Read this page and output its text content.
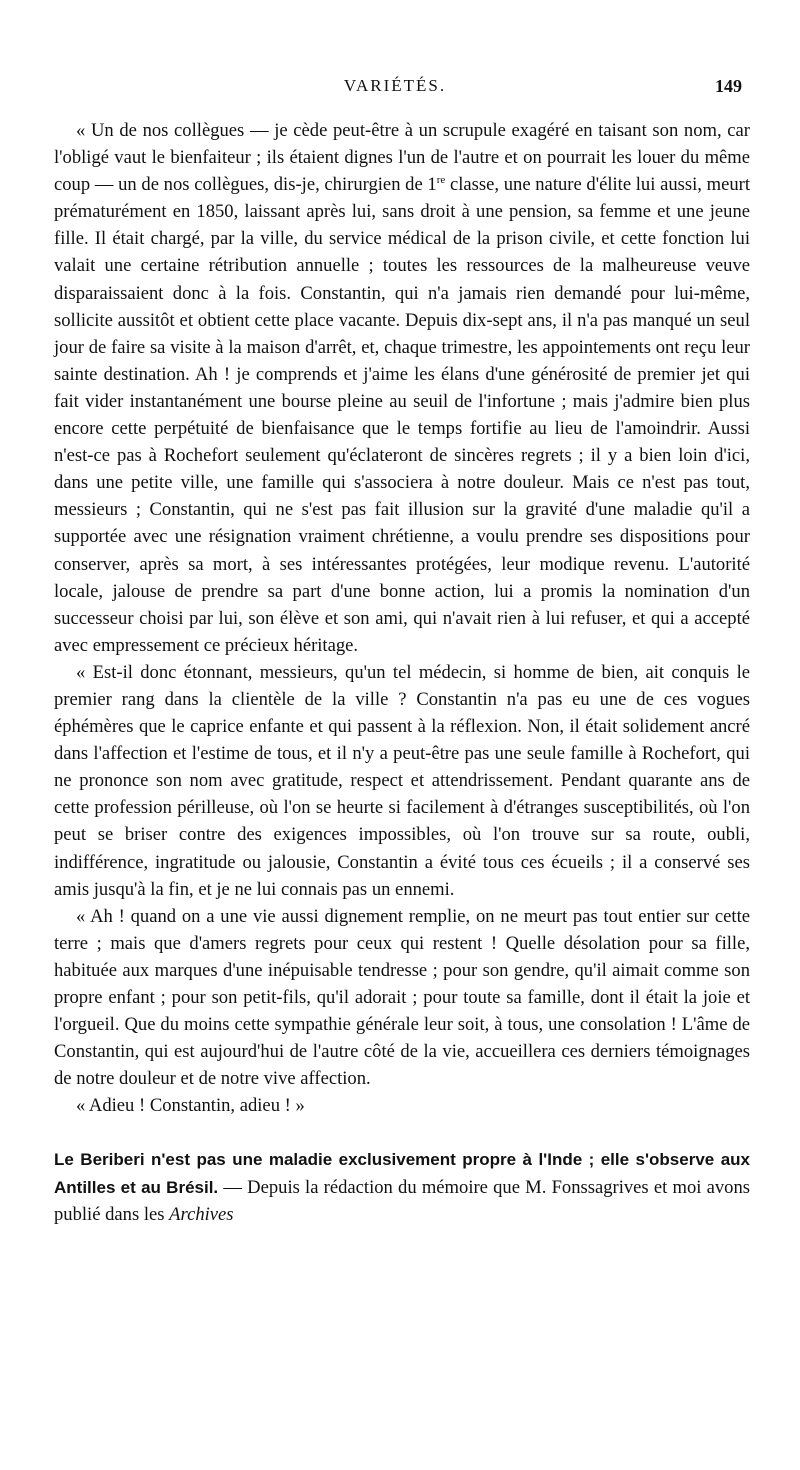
VARIÉTÉS.	149

« Un de nos collègues — je cède peut-être à un scrupule exagéré en taisant son nom, car l'obligé vaut le bienfaiteur ; ils étaient dignes l'un de l'autre et on pourrait les louer du même coup — un de nos collègues, dis-je, chirurgien de 1re classe, une nature d'élite lui aussi, meurt prématurément en 1850, laissant après lui, sans droit à une pension, sa femme et une jeune fille. Il était chargé, par la ville, du service médical de la prison civile, et cette fonction lui valait une certaine rétribution annuelle ; toutes les ressources de la malheureuse veuve disparaissaient donc à la fois. Constantin, qui n'a jamais rien demandé pour lui-même, sollicite aussitôt et obtient cette place vacante. Depuis dix-sept ans, il n'a pas manqué un seul jour de faire sa visite à la maison d'arrêt, et, chaque trimestre, les appointements ont reçu leur sainte destination. Ah ! je comprends et j'aime les élans d'une générosité de premier jet qui fait vider instantanément une bourse pleine au seuil de l'infortune ; mais j'admire bien plus encore cette perpétuité de bienfaisance que le temps fortifie au lieu de l'amoindrir. Aussi n'est-ce pas à Rochefort seulement qu'éclateront de sincères regrets ; il y a bien loin d'ici, dans une petite ville, une famille qui s'associera à notre douleur. Mais ce n'est pas tout, messieurs ; Constantin, qui ne s'est pas fait illusion sur la gravité d'une maladie qu'il a supportée avec une résignation vraiment chrétienne, a voulu prendre ses dispositions pour conserver, après sa mort, à ses intéressantes protégées, leur modique revenu. L'autorité locale, jalouse de prendre sa part d'une bonne action, lui a promis la nomination d'un successeur choisi par lui, son élève et son ami, qui n'avait rien à lui refuser, et qui a accepté avec empressement ce précieux héritage.

« Est-il donc étonnant, messieurs, qu'un tel médecin, si homme de bien, ait conquis le premier rang dans la clientèle de la ville ? Constantin n'a pas eu une de ces vogues éphémères que le caprice enfante et qui passent à la réflexion. Non, il était solidement ancré dans l'affection et l'estime de tous, et il n'y a peut-être pas une seule famille à Rochefort, qui ne prononce son nom avec gratitude, respect et attendrissement. Pendant quarante ans de cette profession périlleuse, où l'on se heurte si facilement à d'étranges susceptibilités, où l'on peut se briser contre des exigences impossibles, où l'on trouve sur sa route, oubli, indifférence, ingratitude ou jalousie, Constantin a évité tous ces écueils ; il a conservé ses amis jusqu'à la fin, et je ne lui connais pas un ennemi.

« Ah ! quand on a une vie aussi dignement remplie, on ne meurt pas tout entier sur cette terre ; mais que d'amers regrets pour ceux qui restent ! Quelle désolation pour sa fille, habituée aux marques d'une inépuisable tendresse ; pour son gendre, qu'il aimait comme son propre enfant ; pour son petit-fils, qu'il adorait ; pour toute sa famille, dont il était la joie et l'orgueil. Que du moins cette sympathie générale leur soit, à tous, une consolation ! L'âme de Constantin, qui est aujourd'hui de l'autre côté de la vie, accueillera ces derniers témoignages de notre douleur et de notre vive affection.

« Adieu ! Constantin, adieu ! »

Le Beriberi n'est pas une maladie exclusivement propre à l'Inde ; elle s'observe aux Antilles et au Brésil. — Depuis la rédaction du mémoire que M. Fonssagrives et moi avons publié dans les Archives
